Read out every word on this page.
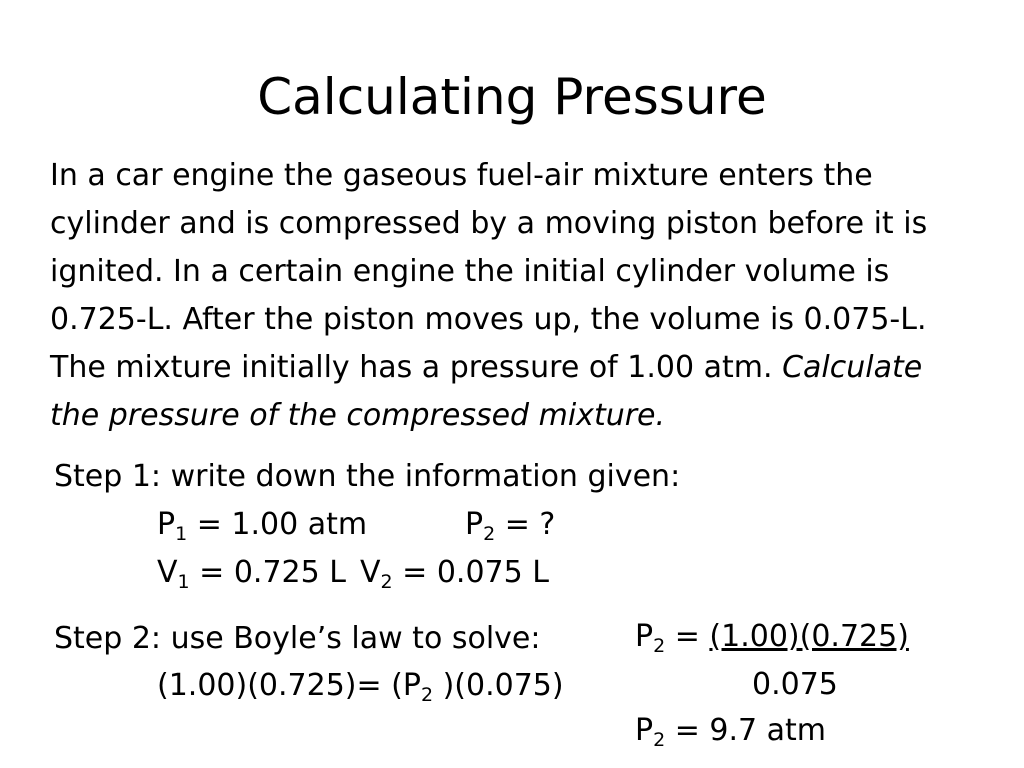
Calculating Pressure

In a car engine the gaseous fuel-air mixture enters the

cylinder and is compressed by a moving piston before it is

ignited. In a certain engine the initial cylinder volume is

0.725-L. After the piston moves up, the volume is 0.075-L.

The mixture initially has a pressure of 1.00 atm. Calculate

the pressure of the compressed mixture.

Step 1: write down the information given:
$P_1 = 1.00$ atm	$P_2$ = ?
$V_1 = 0.725$ L $V_2 = 0.075$ L
Step 2: use Boyle’s law to solve:
$(1.00)(0.725)= (P_2$ )(0.075)
$P_2 = (1.00)(0.725)$
0.075
$P_2 = 9.7$ atm
